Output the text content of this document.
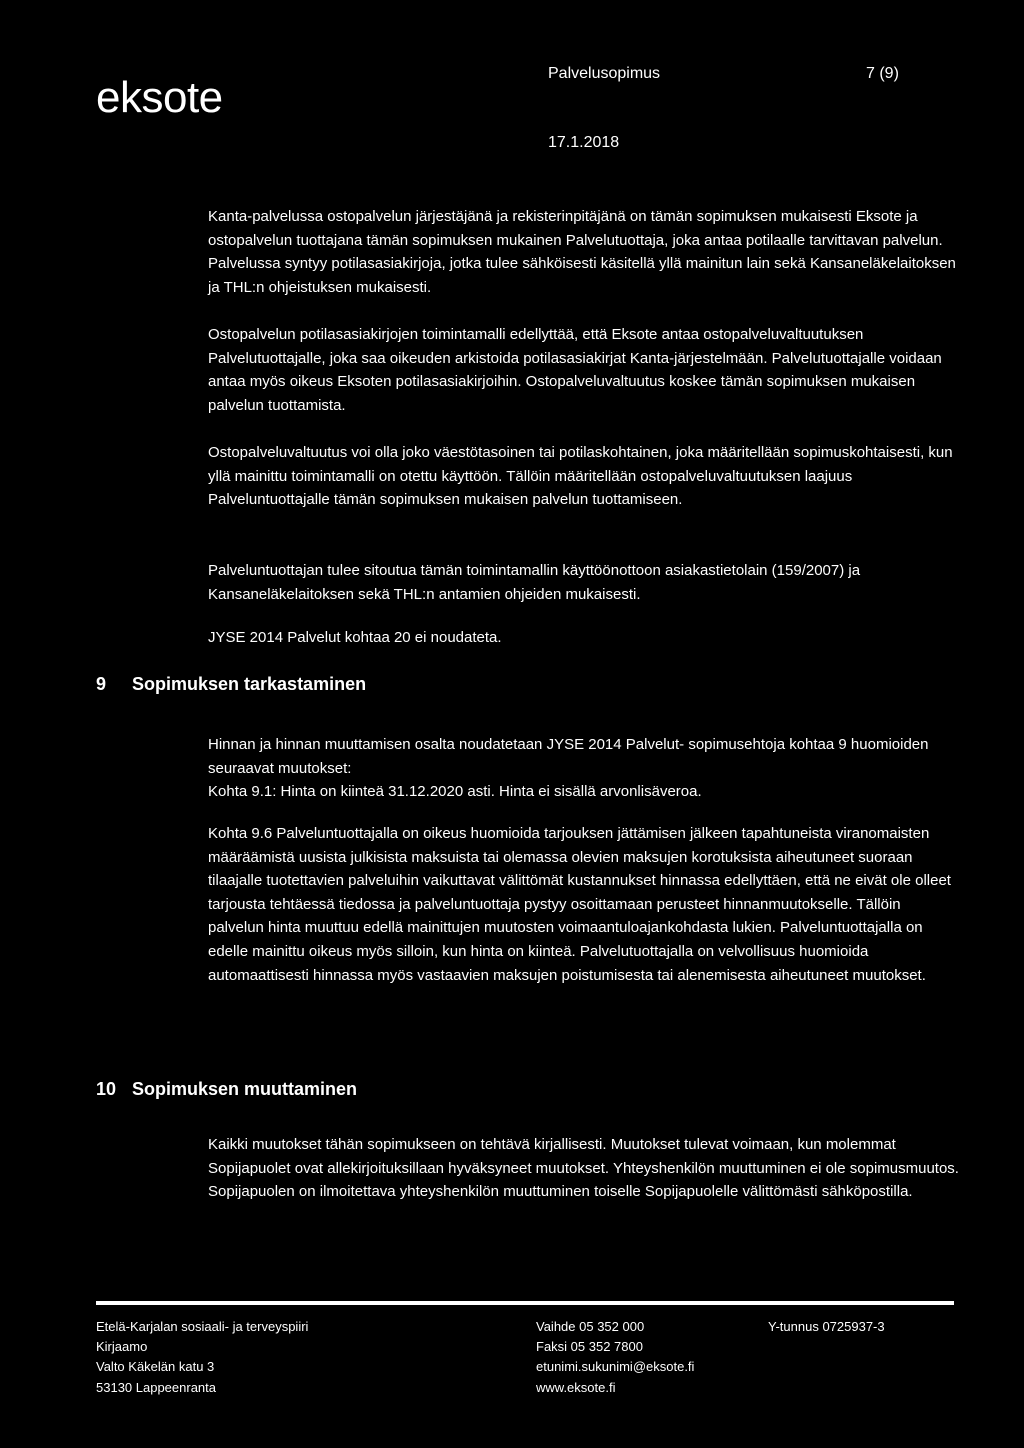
eksote	Palvelusopimus	7 (9)
17.1.2018

Kanta-palvelussa ostopalvelun järjestäjänä ja rekisterinpitäjänä on tämän sopimuksen mukaisesti Eksote ja ostopalvelun tuottajana tämän sopimuksen mukainen Palvelutuottaja, joka antaa potilaalle tarvittavan palvelun. Palvelussa syntyy potilasasiakirjoja, jotka tulee sähköisesti käsitellä yllä mainitun lain sekä Kansaneläkelaitoksen ja THL:n ohjeistuksen mukaisesti.

Ostopalvelun potilasasiakirjojen toimintamalli edellyttää, että Eksote antaa ostopalveluvaltuutuksen Palvelutuottajalle, joka saa oikeuden arkistoida potilasasiakirjat Kanta-järjestelmään. Palvelutuottajalle voidaan antaa myös oikeus Eksoten potilasasiakirjoihin. Ostopalveluvaltuutus koskee tämän sopimuksen mukaisen palvelun tuottamista.

Ostopalveluvaltuutus voi olla joko väestötasoinen tai potilaskohtainen, joka määritellään sopimuskohtaisesti, kun yllä mainittu toimintamalli on otettu käyttöön. Tällöin määritellään ostopalveluvaltuutuksen laajuus Palveluntuottajalle tämän sopimuksen mukaisen palvelun tuottamiseen.

Palveluntuottajan tulee sitoutua tämän toimintamallin käyttöönottoon asiakastietolain (159/2007) ja Kansaneläkelaitoksen sekä THL:n antamien ohjeiden mukaisesti.

JYSE 2014 Palvelut kohtaa 20 ei noudateta.

9 Sopimuksen tarkastaminen

Hinnan ja hinnan muuttamisen osalta noudatetaan JYSE 2014 Palvelut- sopimusehtoja kohtaa 9 huomioiden seuraavat muutokset:

Kohta 9.1: Hinta on kiinteä 31.12.2020 asti. Hinta ei sisällä arvonlisäveroa.

Kohta 9.6 Palveluntuottajalla on oikeus huomioida tarjouksen jättämisen jälkeen tapahtuneista viranomaisten määräämistä uusista julkisista maksuista tai olemassa olevien maksujen korotuksista aiheutuneet suoraan tilaajalle tuotettavien palveluihin vaikuttavat välittömät kustannukset hinnassa edellyttäen, että ne eivät ole olleet tarjousta tehtäessä tiedossa ja palveluntuottaja pystyy osoittamaan perusteet hinnanmuutokselle. Tällöin palvelun hinta muuttuu edellä mainittujen muutosten voimaantuloajankohdasta lukien. Palveluntuottajalla on edelle mainittu oikeus myös silloin, kun hinta on kiinteä. Palvelutuottajalla on velvollisuus huomioida automaattisesti hinnassa myös vastaavien maksujen poistumisesta tai alenemisesta aiheutuneet muutokset.

10 Sopimuksen muuttaminen

Kaikki muutokset tähän sopimukseen on tehtävä kirjallisesti. Muutokset tulevat voimaan, kun molemmat Sopijapuolet ovat allekirjoituksillaan hyväksyneet muutokset. Yhteyshenkilön muuttuminen ei ole sopimusmuutos. Sopijapuolen on ilmoitettava yhteyshenkilön muuttuminen toiselle Sopijapuolelle välittömästi sähköpostilla.

Etelä-Karjalan sosiaali- ja terveyspiiri
Kirjaamo
Valto Käkelän katu 3
53130 Lappeenranta
Vaihde 05 352 000
Faksi 05 352 7800
etunimi.sukunimi@eksote.fi
www.eksote.fi
Y-tunnus 0725937-3
